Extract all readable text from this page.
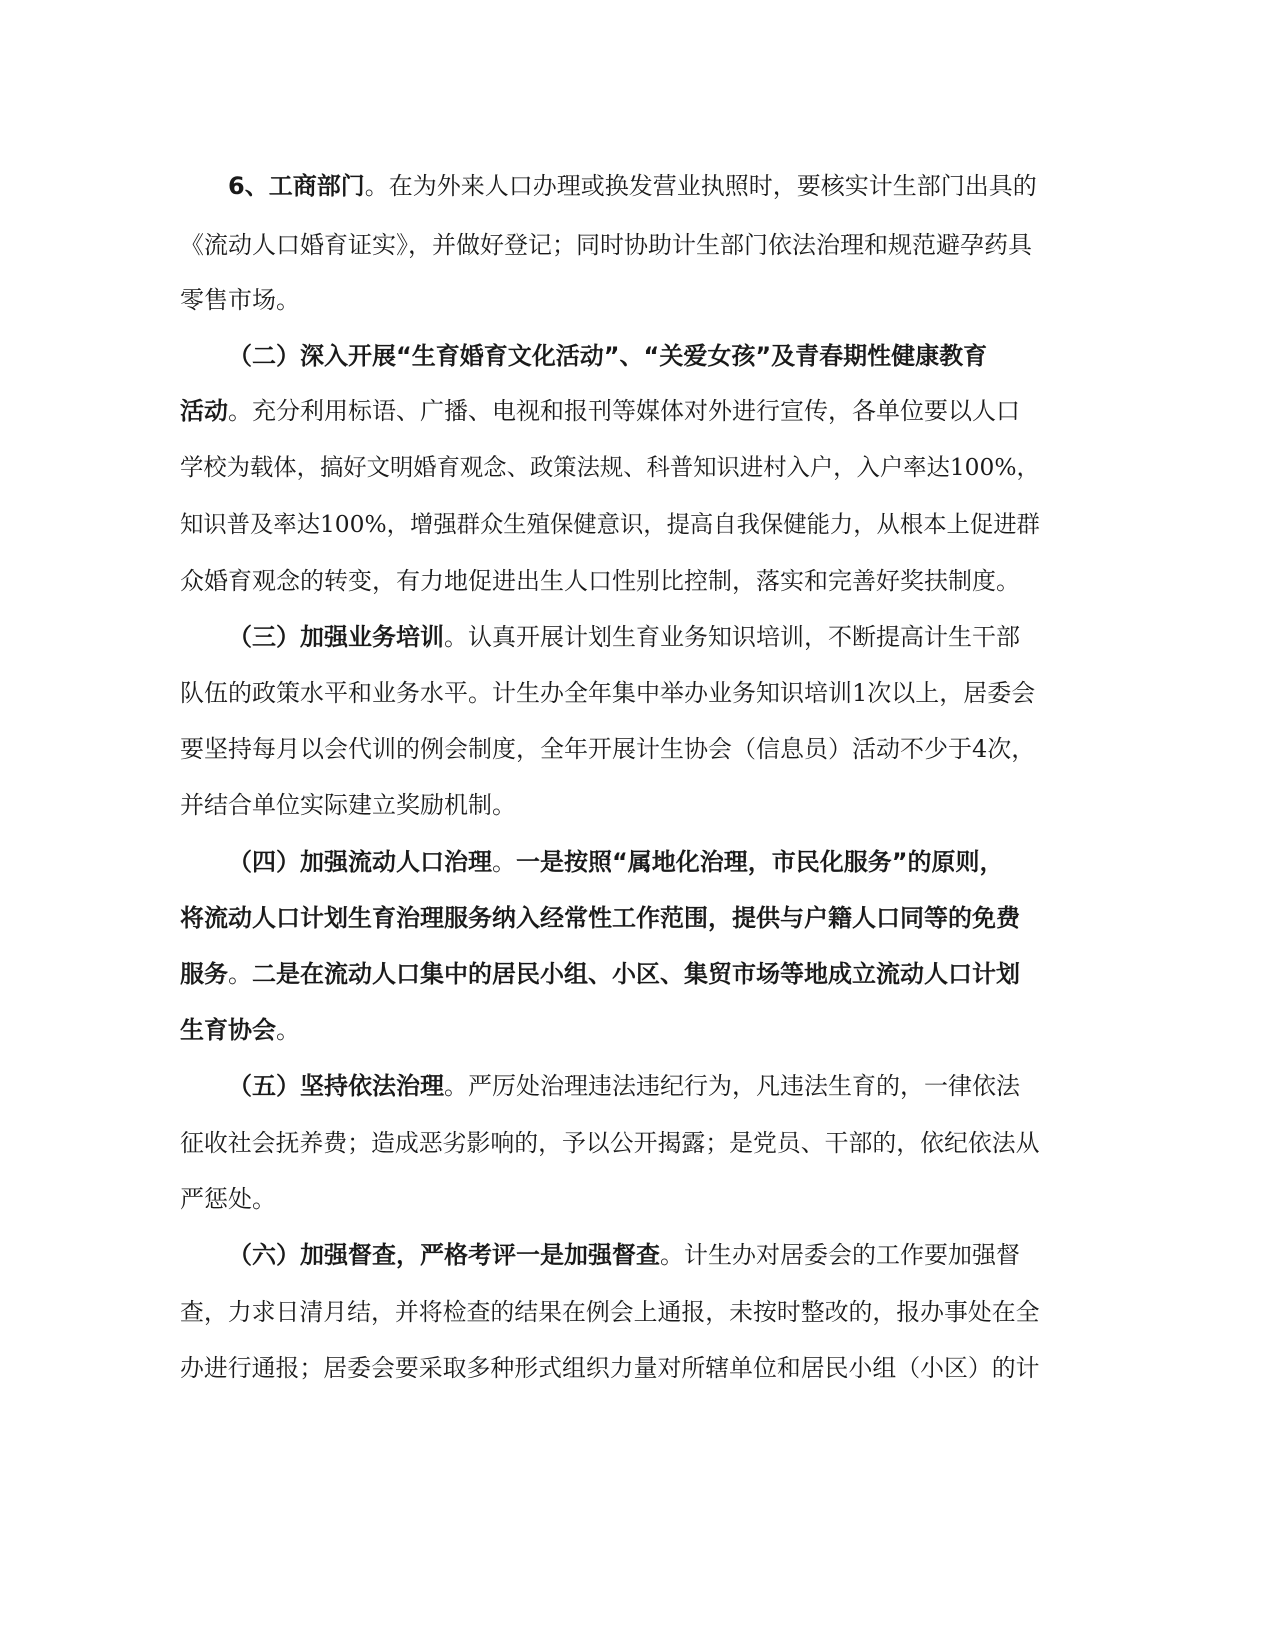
6、工商部门。在为外来人口办理或换发营业执照时，要核实计生部门出具的
《流动人口婚育证实》，并做好登记；同时协助计生部门依法治理和规范避孕药具
零售市场。
（二）深入开展“生育婚育文化活动”、“关爱女孩”及青春期性健康教育
活动。充分利用标语、广播、电视和报刊等媒体对外进行宣传，各单位要以人口
学校为载体，搞好文明婚育观念、政策法规、科普知识进村入户，入户率达100%，
知识普及率达100%，增强群众生殖保健意识，提高自我保健能力，从根本上促进群
众婚育观念的转变，有力地促进出生人口性别比控制，落实和完善好奖扶制度。
（三）加强业务培训。认真开展计划生育业务知识培训，不断提高计生干部
队伍的政策水平和业务水平。计生办全年集中举办业务知识培训1次以上，居委会
要坚持每月以会代训的例会制度，全年开展计生协会（信息员）活动不少于4次，
并结合单位实际建立奖励机制。
（四）加强流动人口治理。一是按照“属地化治理，市民化服务”的原则，
将流动人口计划生育治理服务纳入经常性工作范围，提供与户籍人口同等的免费
服务。二是在流动人口集中的居民小组、小区、集贸市场等地成立流动人口计划
生育协会。
（五）坚持依法治理。严厉处治理违法违纪行为，凡违法生育的，一律依法
征收社会抚养费；造成恶劣影响的，予以公开揭露；是党员、干部的，依纪依法从
严惩处。
（六）加强督查，严格考评一是加强督查。计生办对居委会的工作要加强督
查，力求日清月结，并将检查的结果在例会上通报，未按时整改的，报办事处在全
办进行通报；居委会要采取多种形式组织力量对所辖单位和居民小组（小区）的计
